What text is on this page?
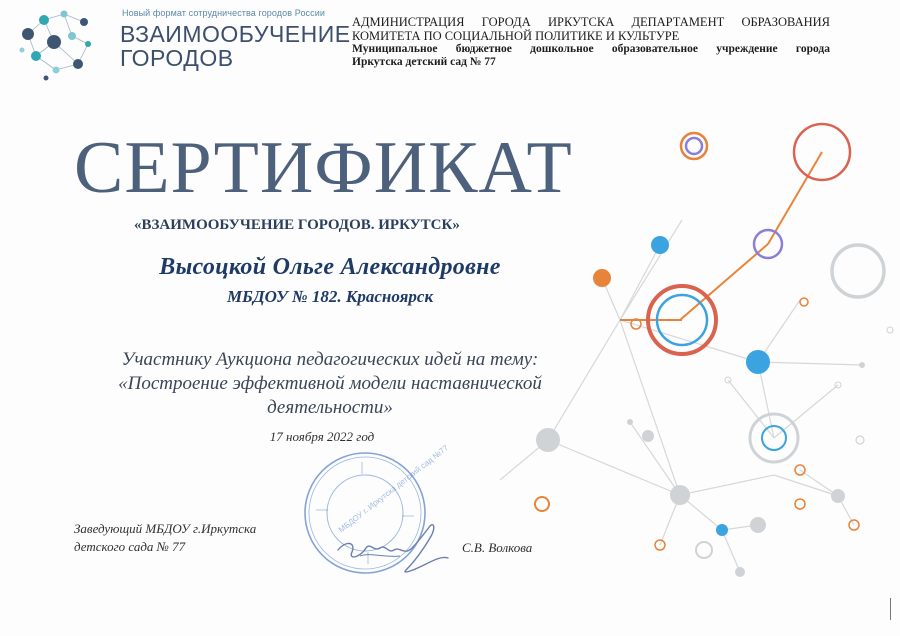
Новый формат сотрудничества городов России
ВЗАИМООБУЧЕНИЕ
ГОРОДОВ

АДМИНИСТРАЦИЯ ГОРОДА ИРКУТСКА ДЕПАРТАМЕНТ ОБРАЗОВАНИЯ

КОМИТЕТА ПО СОЦИАЛЬНОЙ ПОЛИТИКЕ И КУЛЬТУРЕ

Муниципальное бюджетное дошкольное образовательное учреждение города

Иркутска детский сад № 77

СЕРТИФИКАТ
«ВЗАИМООБУЧЕНИЕ ГОРОДОВ. ИРКУТСК»
Высоцкой Ольге Александровне
МБДОУ № 182. Красноярск
Участнику Аукциона педагогических идей на тему:
«Построение эффективной модели наставнической
деятельности»
17 ноября 2022 год
МБДОУ г. Иркутска детский сад №77
Заведующий МБДОУ г.Иркутска
детского сада № 77	С.В. Волкова
